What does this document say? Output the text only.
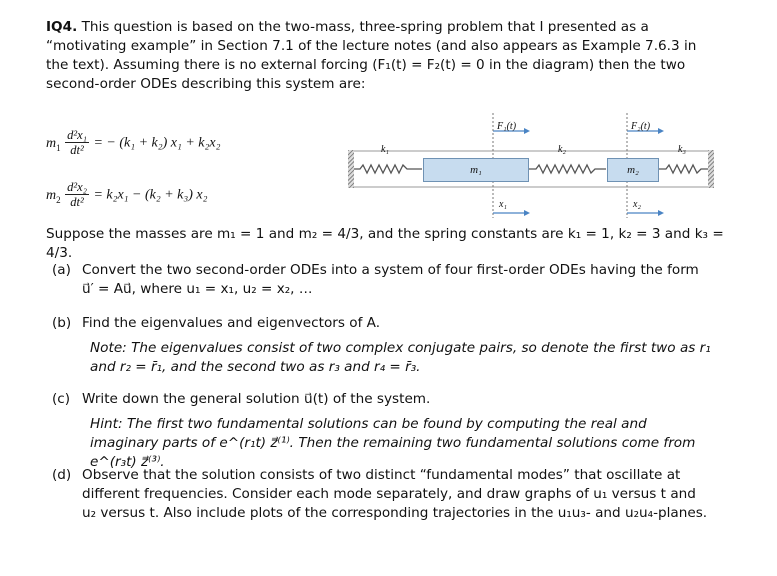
IQ4. This question is based on the two-mass, three-spring problem that I presented as a “motivating example” in Section 7.1 of the lecture notes (and also appears as Example 7.6.3 in the text). Assuming there is no external forcing (F₁(t) = F₂(t) = 0 in the diagram) then the two second-order ODEs describing this system are:

$m_1 \frac{\text{d²x₁}}{\text{dt²}}$ = − (k₁ + k₂) x₁ + k₂x₂
$m_2 \frac{\text{d²x₂}}{\text{dt²}} = k_2x_1 - (k_2 + k_3)$ x₂
m₁	m₂
F₁(t)	F₂(t)
k₁	k₂	k₃
x₁	x₂
Suppose the masses are m₁ = 1 and m₂ = 4/3, and the spring constants are k₁ = 1, k₂ = 3 and k₃ = 4/3.
(a) Convert the two second-order ODEs into a system of four first-order ODEs having the form u⃗′ = Au⃗, where u₁ = x₁, u₂ = x₂, …
(b) Find the eigenvalues and eigenvectors of A.
Note: The eigenvalues consist of two complex conjugate pairs, so denote the first two as r₁ and r₂ = r̄₁, and the second two as r₃ and r₄ = r̄₃.
(c) Write down the general solution u⃗(t) of the system.
Hint: The first two fundamental solutions can be found by computing the real and imaginary parts of e^(r₁t) z⃗⁽¹⁾. Then the remaining two fundamental solutions come from e^(r₃t) z⃗⁽³⁾.
(d) Observe that the solution consists of two distinct “fundamental modes” that oscillate at different frequencies. Consider each mode separately, and draw graphs of u₁ versus t and u₂ versus t. Also include plots of the corresponding trajectories in the u₁u₃- and u₂u₄-planes.
